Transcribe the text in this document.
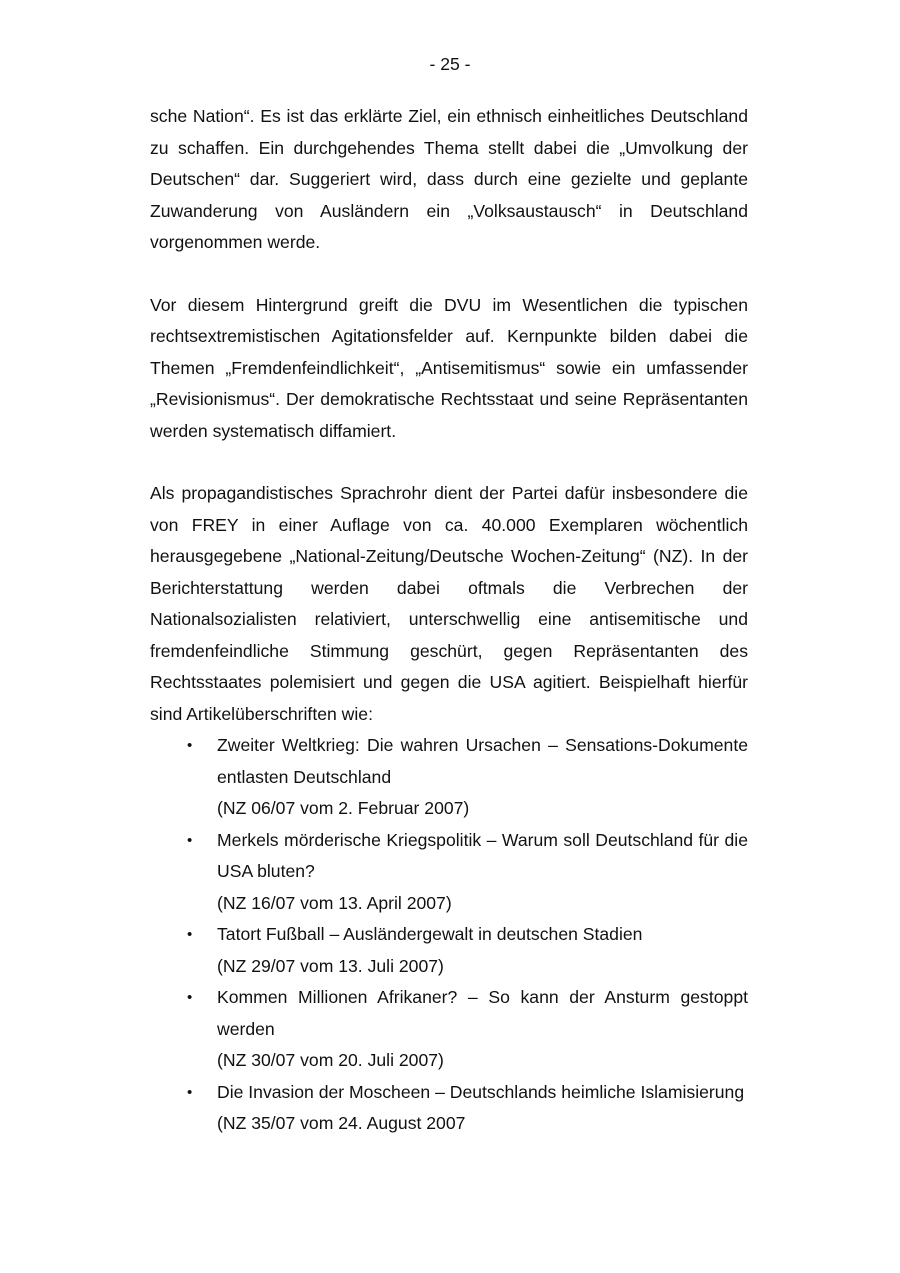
- 25 -

sche Nation“. Es ist das erklärte Ziel, ein ethnisch einheitliches Deutschland zu schaffen. Ein durchgehendes Thema stellt dabei die „Umvolkung der Deutschen“ dar. Suggeriert wird, dass durch eine gezielte und geplante Zuwanderung von Ausländern ein „Volksaustausch“ in Deutschland vorgenommen werde.

Vor diesem Hintergrund greift die DVU im Wesentlichen die typischen rechtsextremistischen Agitationsfelder auf. Kernpunkte bilden dabei die Themen „Fremdenfeindlichkeit“, „Antisemitismus“ sowie ein umfassender „Revisionismus“. Der demokratische Rechtsstaat und seine Repräsentanten werden systematisch diffamiert.

Als propagandistisches Sprachrohr dient der Partei dafür insbesondere die von FREY in einer Auflage von ca. 40.000 Exemplaren wöchentlich herausgegebene „National-Zeitung/Deutsche Wochen-Zeitung“ (NZ). In der Berichterstattung werden dabei oftmals die Verbrechen der Nationalsozialisten relativiert, unterschwellig eine antisemitische und fremdenfeindliche Stimmung geschürt, gegen Repräsentanten des Rechtsstaates polemisiert und gegen die USA agitiert. Beispielhaft hierfür sind Artikelüberschriften wie:

• Zweiter Weltkrieg: Die wahren Ursachen – Sensations-Dokumente entlasten Deutschland
(NZ 06/07 vom 2. Februar 2007)
• Merkels mörderische Kriegspolitik – Warum soll Deutschland für die USA bluten?
(NZ 16/07 vom 13. April 2007)
• Tatort Fußball – Ausländergewalt in deutschen Stadien
(NZ 29/07 vom 13. Juli 2007)
• Kommen Millionen Afrikaner? – So kann der Ansturm gestoppt werden
(NZ 30/07 vom 20. Juli 2007)
• Die Invasion der Moscheen – Deutschlands heimliche Islamisierung
(NZ 35/07 vom 24. August 2007
